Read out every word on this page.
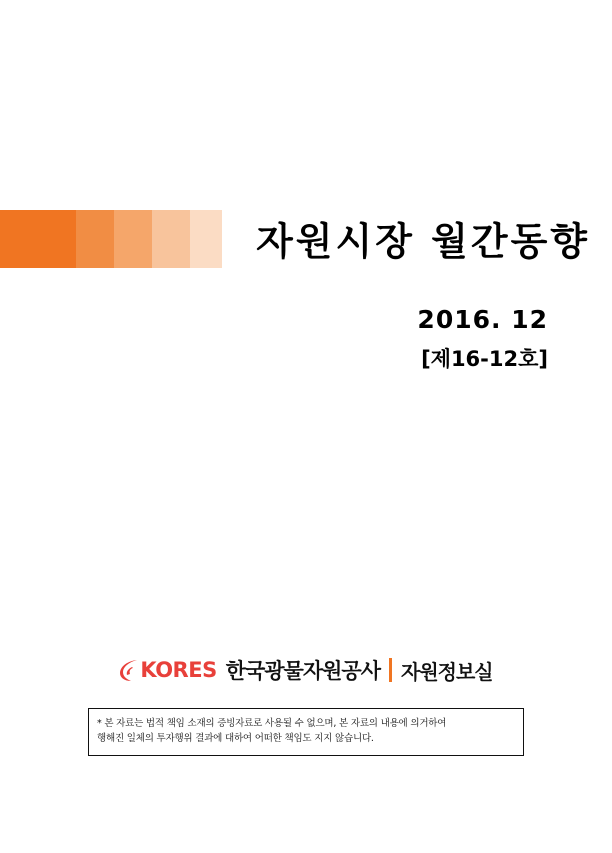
자원시장 월간동향
2016. 12
[제16-12호]
KORES 한국광물자원공사 자원정보실

* 본 자료는 법적 책임 소재의 증빙자료로 사용될 수 없으며, 본 자료의 내용에 의거하여

행해진 일체의 투자행위 결과에 대하여 어떠한 책임도 지지 않습니다.
